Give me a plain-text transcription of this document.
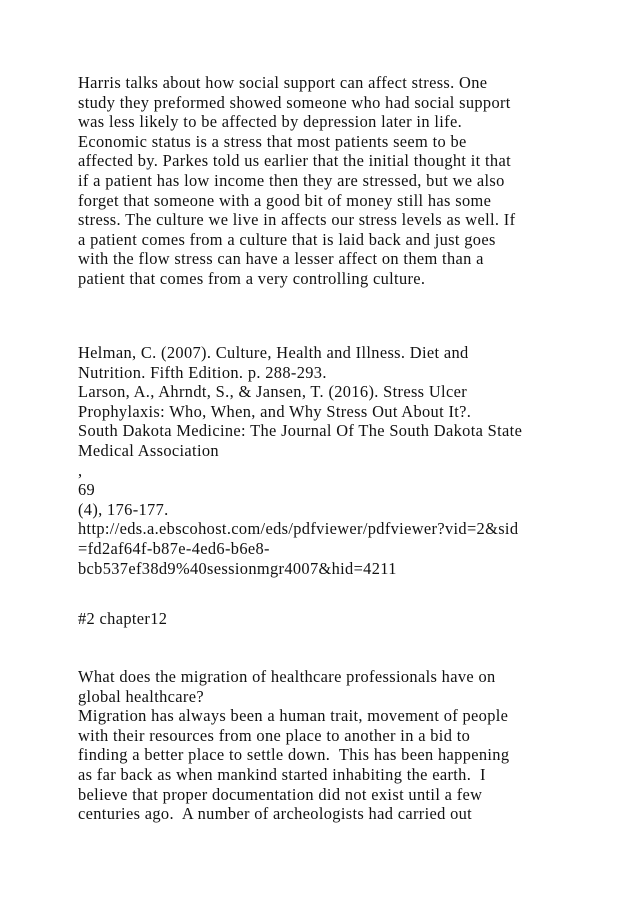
Harris talks about how social support can affect stress. One
study they preformed showed someone who had social support
was less likely to be affected by depression later in life.
Economic status is a stress that most patients seem to be
affected by. Parkes told us earlier that the initial thought it that
if a patient has low income then they are stressed, but we also
forget that someone with a good bit of money still has some
stress. The culture we live in affects our stress levels as well. If
a patient comes from a culture that is laid back and just goes
with the flow stress can have a lesser affect on them than a
patient that comes from a very controlling culture.
Helman, C. (2007). Culture, Health and Illness. Diet and
Nutrition. Fifth Edition. p. 288-293.
Larson, A., Ahrndt, S., & Jansen, T. (2016). Stress Ulcer
Prophylaxis: Who, When, and Why Stress Out About It?.
South Dakota Medicine: The Journal Of The South Dakota State
Medical Association
,
69
(4), 176-177.
http://eds.a.ebscohost.com/eds/pdfviewer/pdfviewer?vid=2&sid
=fd2af64f-b87e-4ed6-b6e8-
bcb537ef38d9%40sessionmgr4007&hid=4211
#2 chapter12
What does the migration of healthcare professionals have on
global healthcare?
Migration has always been a human trait, movement of people
with their resources from one place to another in a bid to
finding a better place to settle down.  This has been happening
as far back as when mankind started inhabiting the earth.  I
believe that proper documentation did not exist until a few
centuries ago.  A number of archeologists had carried out
